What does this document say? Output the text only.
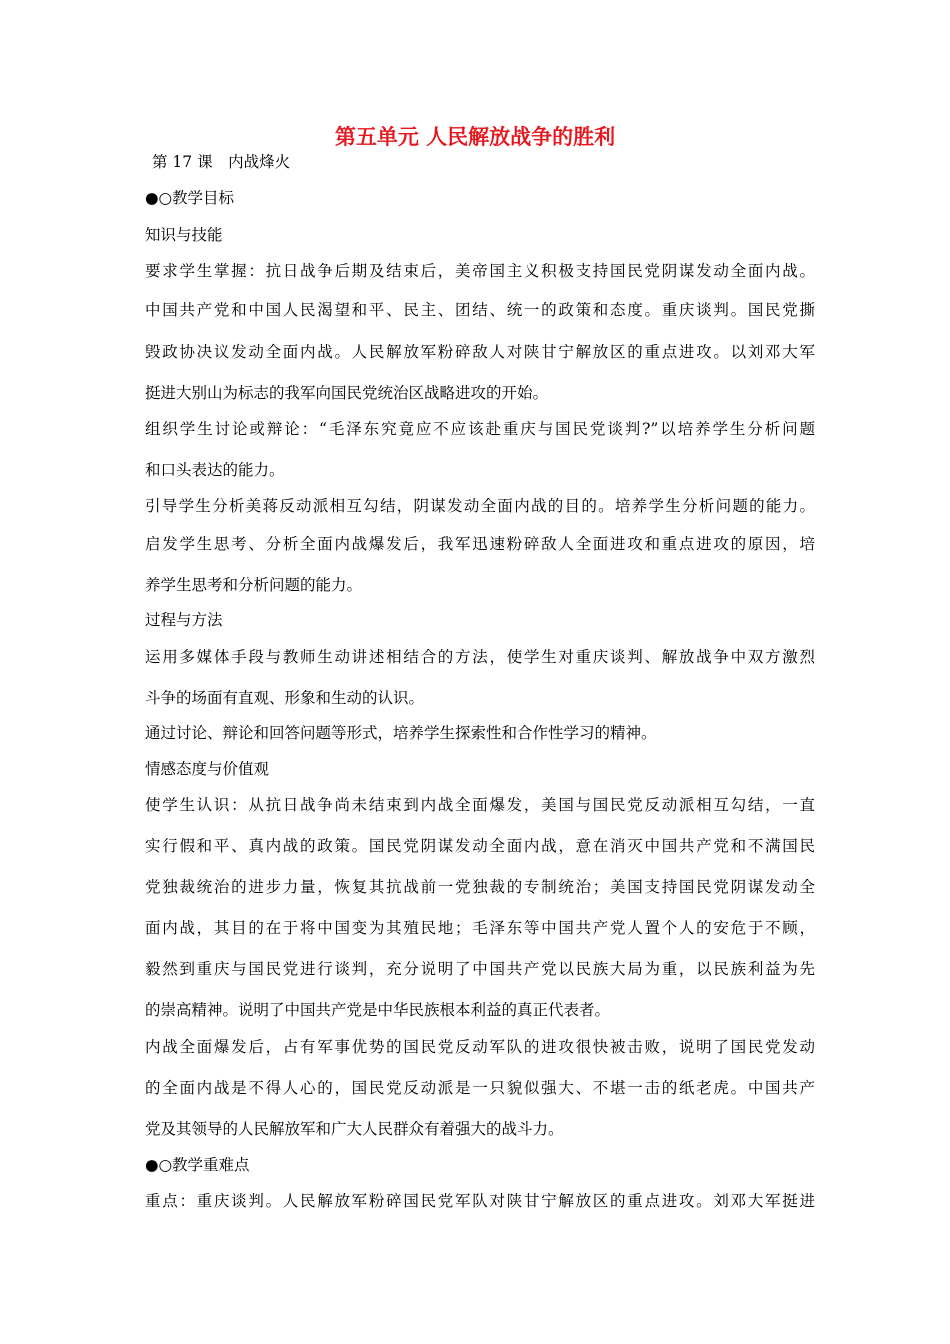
第五单元 人民解放战争的胜利

第 17 课　内战烽火

●○教学目标

知识与技能

要求学生掌握：抗日战争后期及结束后，美帝国主义积极支持国民党阴谋发动全面内战。

中国共产党和中国人民渴望和平、民主、团结、统一的政策和态度。重庆谈判。国民党撕

毁政协决议发动全面内战。人民解放军粉碎敌人对陕甘宁解放区的重点进攻。以刘邓大军

挺进大别山为标志的我军向国民党统治区战略进攻的开始。

组织学生讨论或辩论：“毛泽东究竟应不应该赴重庆与国民党谈判?”以培养学生分析问题

和口头表达的能力。

引导学生分析美蒋反动派相互勾结，阴谋发动全面内战的目的。培养学生分析问题的能力。

启发学生思考、分析全面内战爆发后，我军迅速粉碎敌人全面进攻和重点进攻的原因，培

养学生思考和分析问题的能力。

过程与方法

运用多媒体手段与教师生动讲述相结合的方法，使学生对重庆谈判、解放战争中双方激烈

斗争的场面有直观、形象和生动的认识。

通过讨论、辩论和回答问题等形式，培养学生探索性和合作性学习的精神。

情感态度与价值观

使学生认识：从抗日战争尚未结束到内战全面爆发，美国与国民党反动派相互勾结，一直

实行假和平、真内战的政策。国民党阴谋发动全面内战，意在消灭中国共产党和不满国民

党独裁统治的进步力量，恢复其抗战前一党独裁的专制统治；美国支持国民党阴谋发动全

面内战，其目的在于将中国变为其殖民地；毛泽东等中国共产党人置个人的安危于不顾，

毅然到重庆与国民党进行谈判，充分说明了中国共产党以民族大局为重，以民族利益为先

的崇高精神。说明了中国共产党是中华民族根本利益的真正代表者。

内战全面爆发后，占有军事优势的国民党反动军队的进攻很快被击败，说明了国民党发动

的全面内战是不得人心的，国民党反动派是一只貌似强大、不堪一击的纸老虎。中国共产

党及其领导的人民解放军和广大人民群众有着强大的战斗力。

●○教学重难点

重点：重庆谈判。人民解放军粉碎国民党军队对陕甘宁解放区的重点进攻。刘邓大军挺进
